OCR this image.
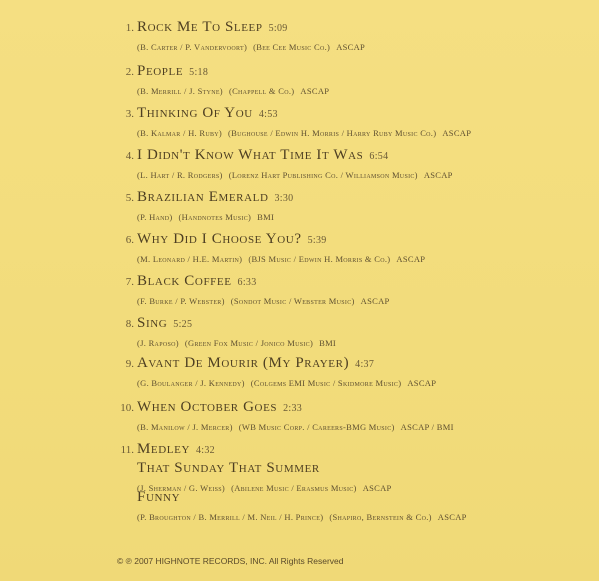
1. Rock Me To Sleep 5:09
(B. Carter / P. Vandervoort) (Bee Cee Music Co.) ASCAP
2. People 5:18
(B. Merrill / J. Styne) (Chappell & Co.) ASCAP
3. Thinking Of You 4:53
(B. Kalmar / H. Ruby) (Bughouse / Edwin H. Morris / Harry Ruby Music Co.) ASCAP
4. I Didn't Know What Time It Was 6:54
(L. Hart / R. Rodgers) (Lorenz Hart Publishing Co. / Williamson Music) ASCAP
5. Brazilian Emerald 3:30
(P. Hand) (Handnotes Music) BMI
6. Why Did I Choose You? 5:39
(M. Leonard / H.E. Martin) (BJS Music / Edwin H. Morris & Co.) ASCAP
7. Black Coffee 6:33
(F. Burke / P. Webster) (Sondot Music / Webster Music) ASCAP
8. Sing 5:25
(J. Raposo) (Green Fox Music / Jonico Music) BMI
9. Avant De Mourir (My Prayer) 4:37
(G. Boulanger / J. Kennedy) (Colgems EMI Music / Skidmore Music) ASCAP
10. When October Goes 2:33
(B. Manilow / J. Mercer) (WB Music Corp. / Careers-BMG Music) ASCAP / BMI
11. Medley 4:32
That Sunday That Summer
(J. Sherman / G. Weiss) (Abilene Music / Erasmus Music) ASCAP
Funny
(P. Broughton / B. Merrill / M. Neil / H. Prince) (Shapiro, Bernstein & Co.) ASCAP
© ℗ 2007 HIGHNOTE RECORDS, INC. All Rights Reserved
